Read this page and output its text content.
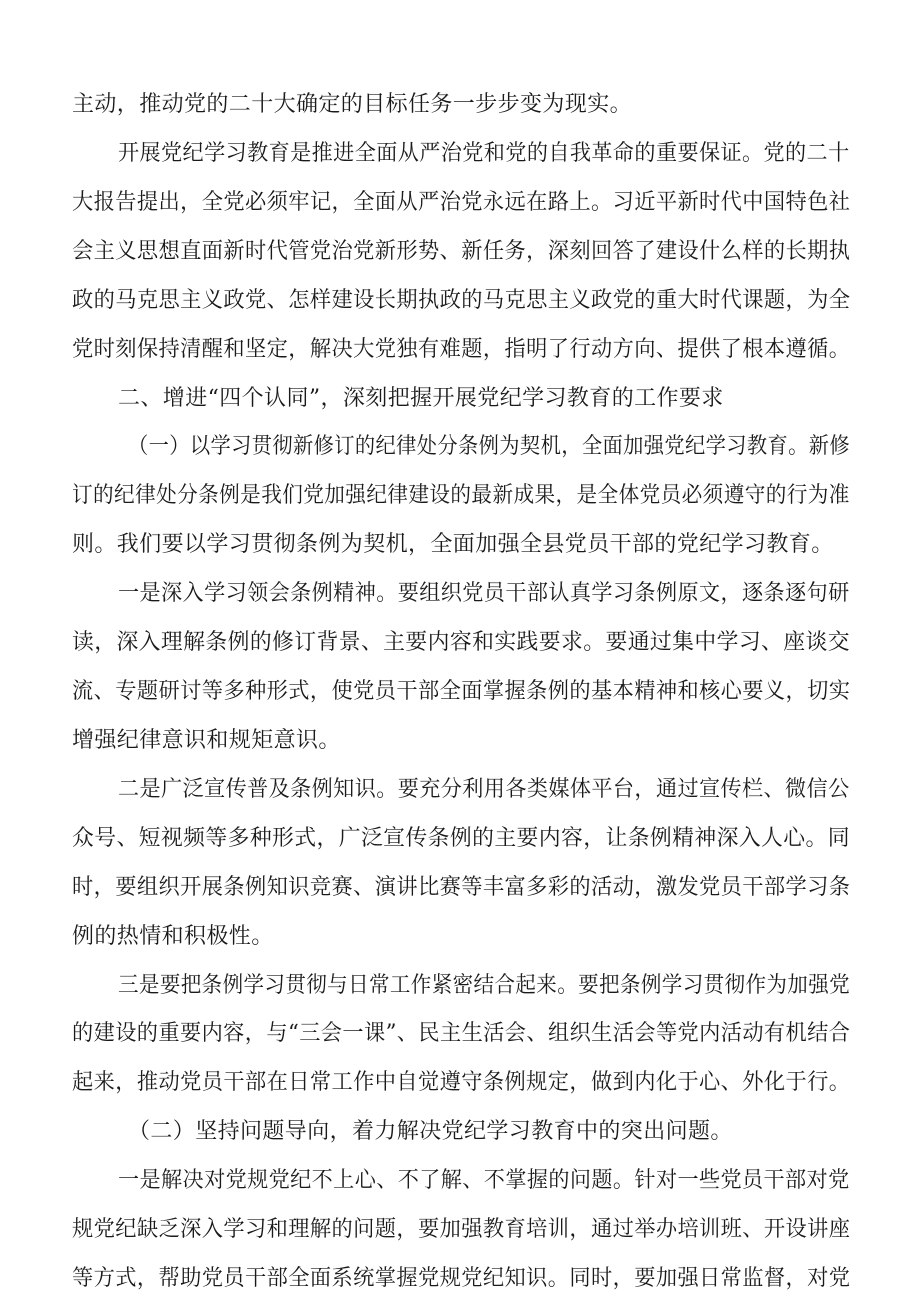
主动，推动党的二十大确定的目标任务一步步变为现实。
开展党纪学习教育是推进全面从严治党和党的自我革命的重要保证。党的二十
大报告提出，全党必须牢记，全面从严治党永远在路上。习近平新时代中国特色社
会主义思想直面新时代管党治党新形势、新任务，深刻回答了建设什么样的长期执
政的马克思主义政党、怎样建设长期执政的马克思主义政党的重大时代课题，为全
党时刻保持清醒和坚定，解决大党独有难题，指明了行动方向、提供了根本遵循。
二、增进“四个认同”，深刻把握开展党纪学习教育的工作要求
（一）以学习贯彻新修订的纪律处分条例为契机，全面加强党纪学习教育。新修
订的纪律处分条例是我们党加强纪律建设的最新成果，是全体党员必须遵守的行为准
则。我们要以学习贯彻条例为契机，全面加强全县党员干部的党纪学习教育。
一是深入学习领会条例精神。要组织党员干部认真学习条例原文，逐条逐句研
读，深入理解条例的修订背景、主要内容和实践要求。要通过集中学习、座谈交
流、专题研讨等多种形式，使党员干部全面掌握条例的基本精神和核心要义，切实
增强纪律意识和规矩意识。
二是广泛宣传普及条例知识。要充分利用各类媒体平台，通过宣传栏、微信公
众号、短视频等多种形式，广泛宣传条例的主要内容，让条例精神深入人心。同
时，要组织开展条例知识竞赛、演讲比赛等丰富多彩的活动，激发党员干部学习条
例的热情和积极性。
三是要把条例学习贯彻与日常工作紧密结合起来。要把条例学习贯彻作为加强党
的建设的重要内容，与“三会一课”、民主生活会、组织生活会等党内活动有机结合
起来，推动党员干部在日常工作中自觉遵守条例规定，做到内化于心、外化于行。
（二）坚持问题导向，着力解决党纪学习教育中的突出问题。
一是解决对党规党纪不上心、不了解、不掌握的问题。针对一些党员干部对党
规党纪缺乏深入学习和理解的问题，要加强教育培训，通过举办培训班、开设讲座
等方式，帮助党员干部全面系统掌握党规党纪知识。同时，要加强日常监督，对党
